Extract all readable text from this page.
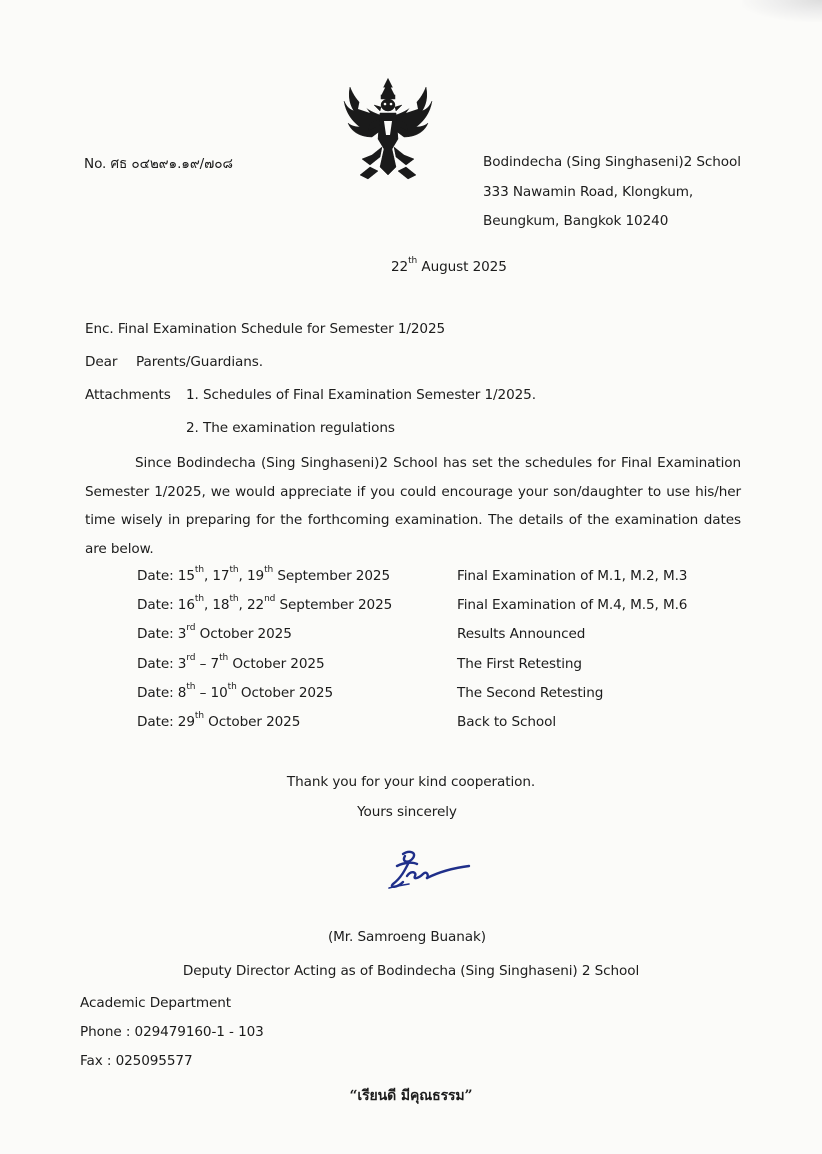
No. ศธ ๐๔๒๙๑.๑๙/๗๐๘	Bodindecha (Sing Singhaseni)2 School
333 Nawamin Road, Klongkum,
Beungkum, Bangkok 10240
22th August 2025
Enc. Final Examination Schedule for Semester 1/2025
Dear Parents/Guardians.
Attachments 1. Schedules of Final Examination Semester 1/2025.
2. The examination regulations
Since Bodindecha (Sing Singhaseni)2 School has set the schedules for Final Examination Semester 1/2025, we would appreciate if you could encourage your son/daughter to use his/her time wisely in preparing for the forthcoming examination. The details of the examination dates are below.
Date: 15th, 17th, 19th September 2025	Final Examination of M.1, M.2, M.3
Date: 16th, 18th, 22nd September 2025	Final Examination of M.4, M.5, M.6
Date: 3rd October 2025	Results Announced
Date: 3rd – 7th October 2025	The First Retesting
Date: 8th – 10th October 2025	The Second Retesting
Date: 29th October 2025	Back to School
Thank you for your kind cooperation.
Yours sincerely
(Mr. Samroeng Buanak)
Deputy Director Acting as of Bodindecha (Sing Singhaseni) 2 School
Academic Department
Phone : 029479160-1 - 103
Fax : 025095577
“เรียนดี มีคุณธรรม”
